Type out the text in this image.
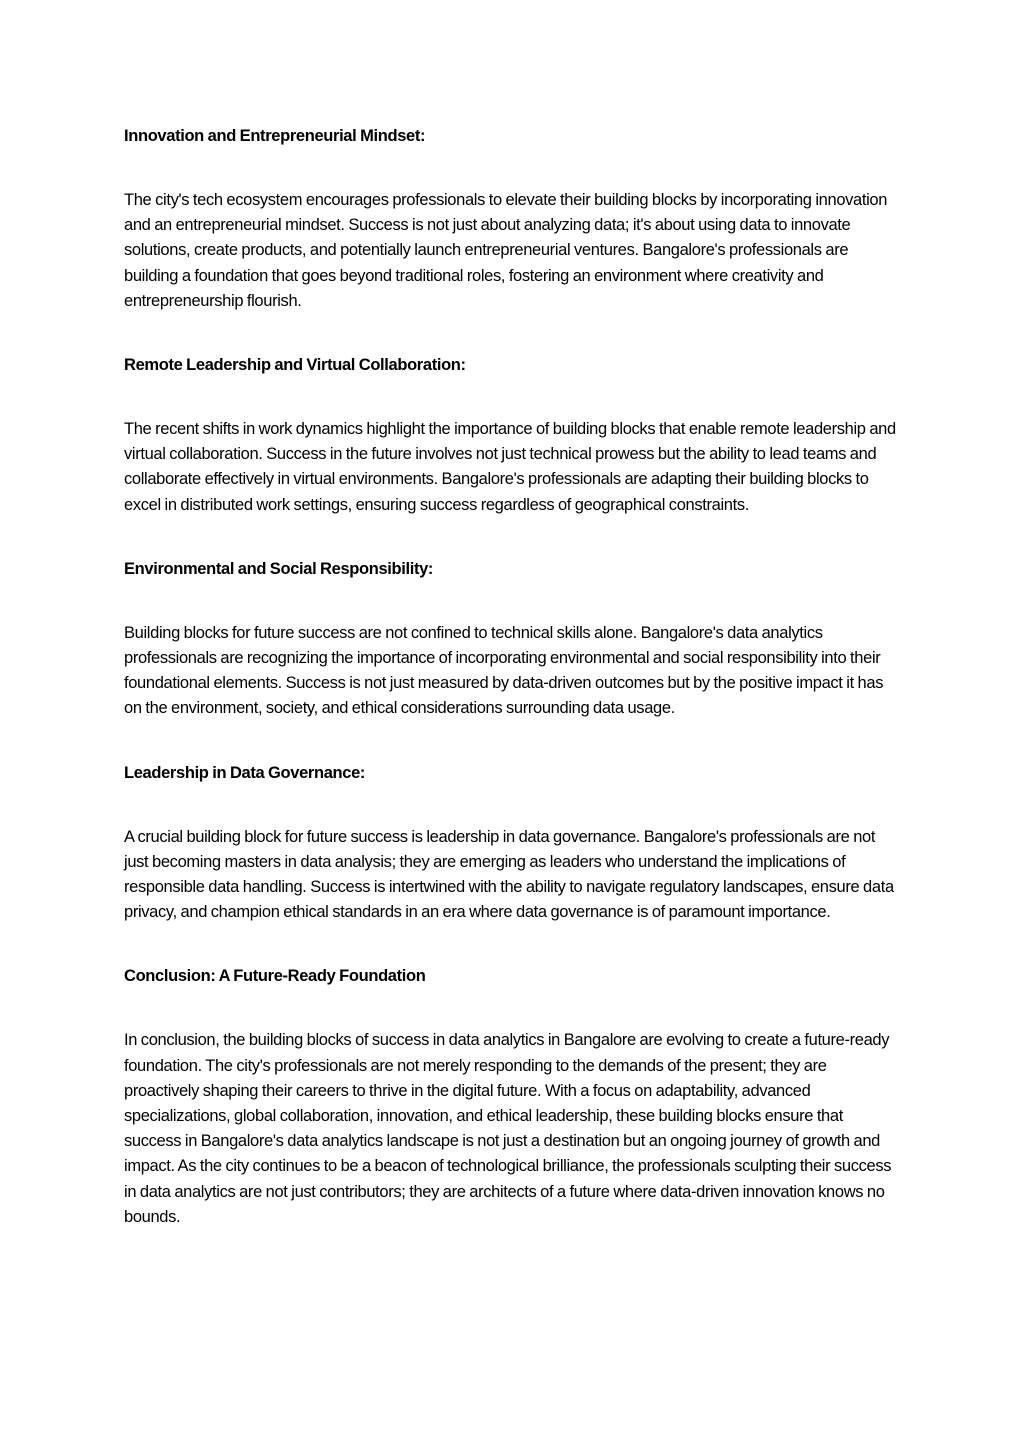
Innovation and Entrepreneurial Mindset:

The city's tech ecosystem encourages professionals to elevate their building blocks by incorporating innovation and an entrepreneurial mindset. Success is not just about analyzing data; it's about using data to innovate solutions, create products, and potentially launch entrepreneurial ventures. Bangalore's professionals are building a foundation that goes beyond traditional roles, fostering an environment where creativity and entrepreneurship flourish.

Remote Leadership and Virtual Collaboration:

The recent shifts in work dynamics highlight the importance of building blocks that enable remote leadership and virtual collaboration. Success in the future involves not just technical prowess but the ability to lead teams and collaborate effectively in virtual environments. Bangalore's professionals are adapting their building blocks to excel in distributed work settings, ensuring success regardless of geographical constraints.

Environmental and Social Responsibility:

Building blocks for future success are not confined to technical skills alone. Bangalore's data analytics professionals are recognizing the importance of incorporating environmental and social responsibility into their foundational elements. Success is not just measured by data-driven outcomes but by the positive impact it has on the environment, society, and ethical considerations surrounding data usage.

Leadership in Data Governance:

A crucial building block for future success is leadership in data governance. Bangalore's professionals are not just becoming masters in data analysis; they are emerging as leaders who understand the implications of responsible data handling. Success is intertwined with the ability to navigate regulatory landscapes, ensure data privacy, and champion ethical standards in an era where data governance is of paramount importance.

Conclusion: A Future-Ready Foundation

In conclusion, the building blocks of success in data analytics in Bangalore are evolving to create a future-ready foundation. The city's professionals are not merely responding to the demands of the present; they are proactively shaping their careers to thrive in the digital future. With a focus on adaptability, advanced specializations, global collaboration, innovation, and ethical leadership, these building blocks ensure that success in Bangalore's data analytics landscape is not just a destination but an ongoing journey of growth and impact. As the city continues to be a beacon of technological brilliance, the professionals sculpting their success in data analytics are not just contributors; they are architects of a future where data-driven innovation knows no bounds.
